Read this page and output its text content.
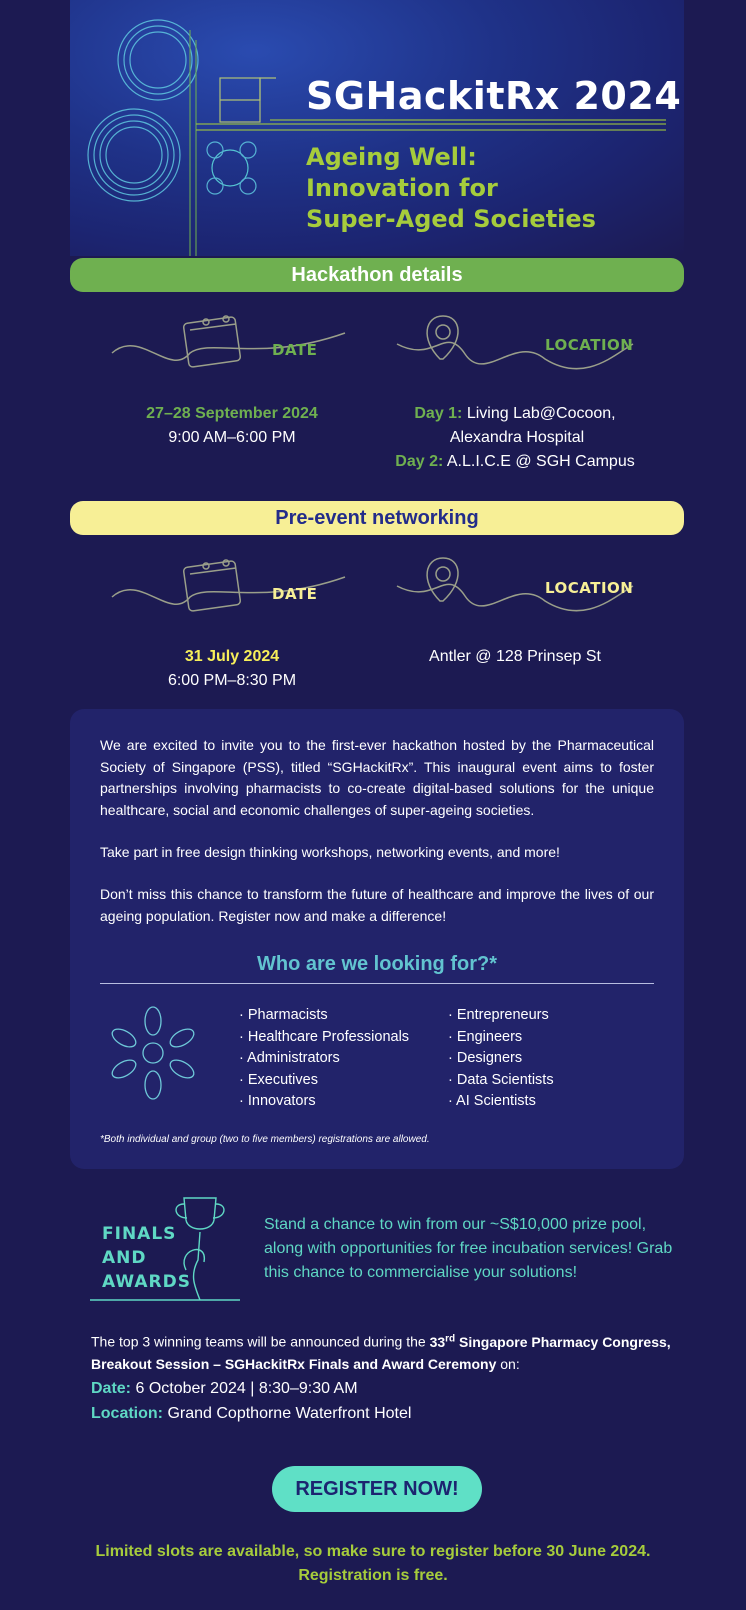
SGHackitRx 2024
Ageing Well:
Innovation for
Super-Aged Societies
Hackathon details
DATE	LOCATION
27–28 September 2024
9:00 AM–6:00 PM
Day 1: Living Lab@Cocoon,
Alexandra Hospital
Day 2: A.L.I.C.E @ SGH Campus
Pre-event networking
DATE	LOCATION
31 July 2024
6:00 PM–8:30 PM
Antler @ 128 Prinsep St
We are excited to invite you to the first-ever hackathon hosted by the Pharmaceutical Society of Singapore (PSS), titled “SGHackitRx”. This inaugural event aims to foster partnerships involving pharmacists to co-create digital-based solutions for the unique healthcare, social and economic challenges of super-ageing societies.
Take part in free design thinking workshops, networking events, and more!
Don’t miss this chance to transform the future of healthcare and improve the lives of our ageing population. Register now and make a difference!
Who are we looking for?*
· Pharmacists
· Healthcare Professionals
· Administrators
· Executives
· Innovators
· Entrepreneurs
· Engineers
· Designers
· Data Scientists
· AI Scientists
*Both individual and group (two to five members) registrations are allowed.
FINALS
AND
AWARDS
Stand a chance to win from our ~S$10,000 prize pool, along with opportunities for free incubation services! Grab this chance to commercialise your solutions!
The top 3 winning teams will be announced during the 33rd Singapore Pharmacy Congress, Breakout Session – SGHackitRx Finals and Award Ceremony on:
Date: 6 October 2024 | 8:30–9:30 AM
Location: Grand Copthorne Waterfront Hotel
REGISTER NOW!
Limited slots are available, so make sure to register before 30 June 2024.
Registration is free.
